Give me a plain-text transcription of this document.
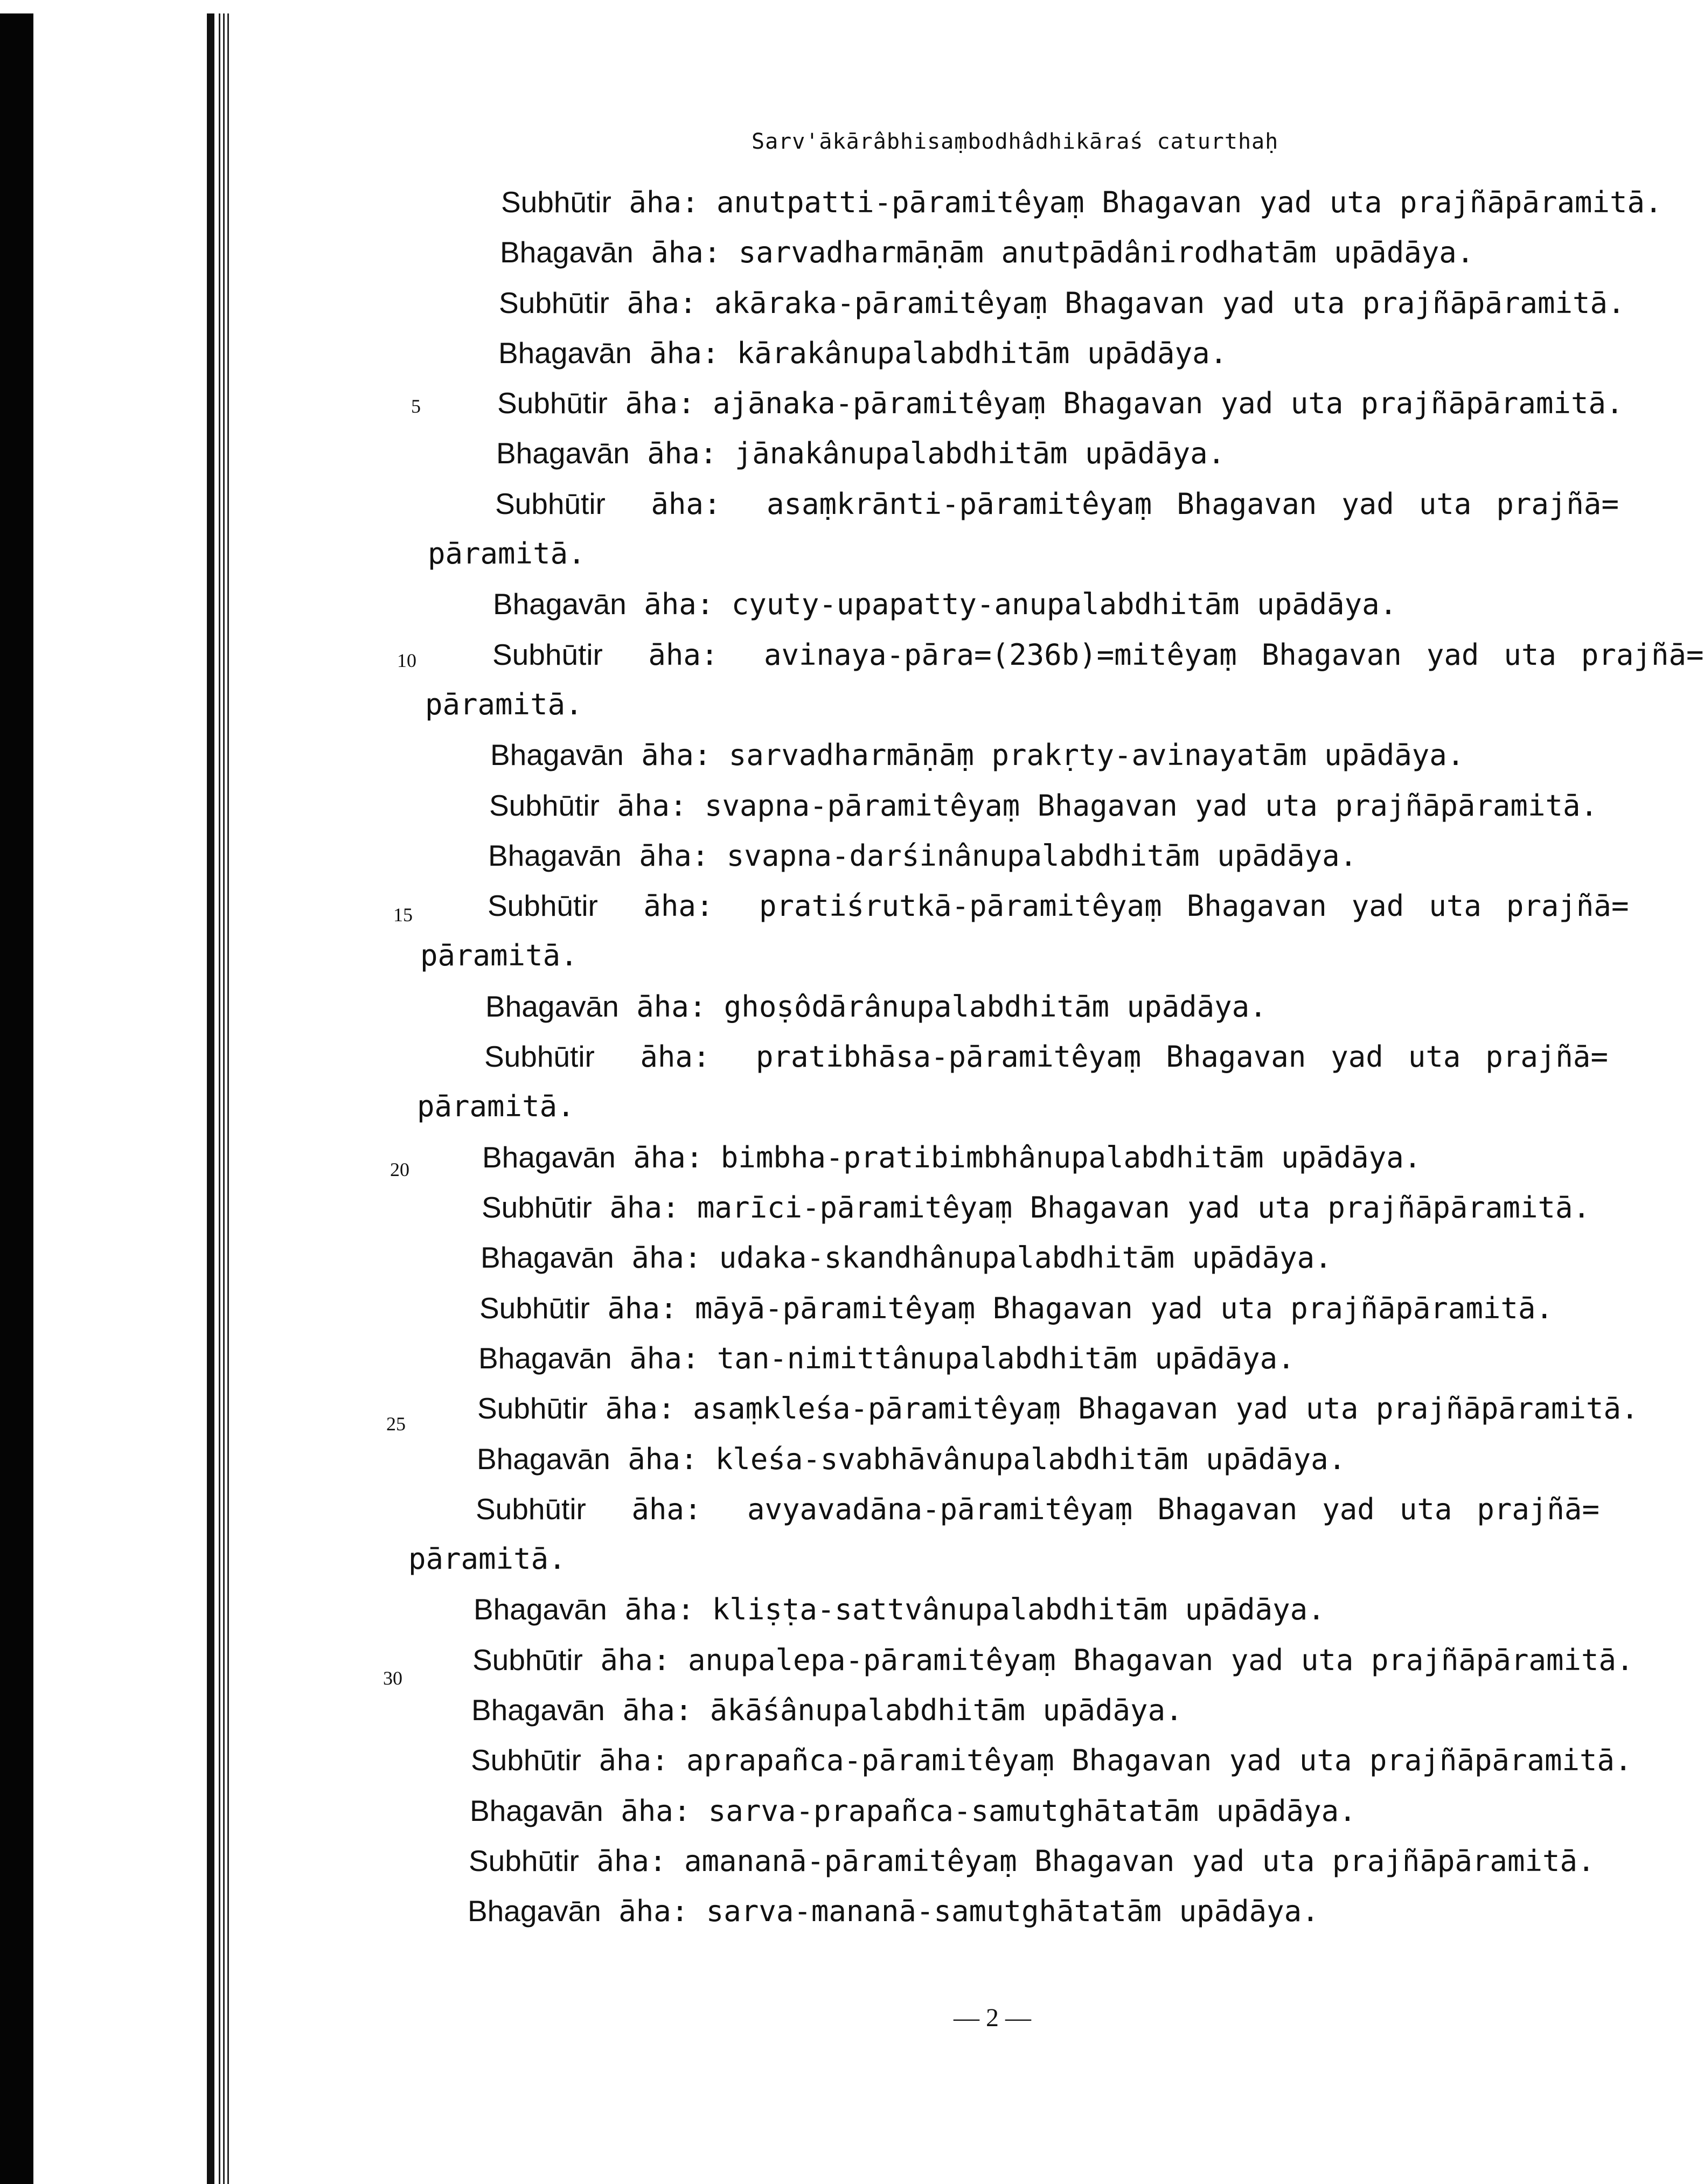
Sarv'ākārâbhisaṃbodhâdhikāraś caturthaḥ
Subhūtir āha: anutpatti-pāramitêyaṃ Bhagavan yad uta prajñāpāramitā.
Bhagavān āha: sarvadharmāṇām anutpādânirodhatām upādāya.
Subhūtir āha: akāraka-pāramitêyaṃ Bhagavan yad uta prajñāpāramitā.
Bhagavān āha: kārakânupalabdhitām upādāya.
Subhūtir āha: ajānaka-pāramitêyaṃ Bhagavan yad uta prajñāpāramitā.
Bhagavān āha: jānakânupalabdhitām upādāya.
Subhūtir āha: asaṃkrānti-pāramitêyaṃ Bhagavan yad uta prajñā=
pāramitā.
Bhagavān āha: cyuty-upapatty-anupalabdhitām upādāya.
Subhūtir āha: avinaya-pāra=(236b)=mitêyaṃ Bhagavan yad uta prajñā=
pāramitā.
Bhagavān āha: sarvadharmāṇāṃ prakṛty-avinayatām upādāya.
Subhūtir āha: svapna-pāramitêyaṃ Bhagavan yad uta prajñāpāramitā.
Bhagavān āha: svapna-darśinânupalabdhitām upādāya.
Subhūtir āha: pratiśrutkā-pāramitêyaṃ Bhagavan yad uta prajñā=
pāramitā.
Bhagavān āha: ghoṣôdārânupalabdhitām upādāya.
Subhūtir āha: pratibhāsa-pāramitêyaṃ Bhagavan yad uta prajñā=
pāramitā.
Bhagavān āha: bimbha-pratibimbhânupalabdhitām upādāya.
Subhūtir āha: marīci-pāramitêyaṃ Bhagavan yad uta prajñāpāramitā.
Bhagavān āha: udaka-skandhânupalabdhitām upādāya.
Subhūtir āha: māyā-pāramitêyaṃ Bhagavan yad uta prajñāpāramitā.
Bhagavān āha: tan-nimittânupalabdhitām upādāya.
Subhūtir āha: asaṃkleśa-pāramitêyaṃ Bhagavan yad uta prajñāpāramitā.
Bhagavān āha: kleśa-svabhāvânupalabdhitām upādāya.
Subhūtir āha: avyavadāna-pāramitêyaṃ Bhagavan yad uta prajñā=
pāramitā.
Bhagavān āha: kliṣṭa-sattvânupalabdhitām upādāya.
Subhūtir āha: anupalepa-pāramitêyaṃ Bhagavan yad uta prajñāpāramitā.
Bhagavān āha: ākāśânupalabdhitām upādāya.
Subhūtir āha: aprapañca-pāramitêyaṃ Bhagavan yad uta prajñāpāramitā.
Bhagavān āha: sarva-prapañca-samutghātatām upādāya.
Subhūtir āha: amananā-pāramitêyaṃ Bhagavan yad uta prajñāpāramitā.
Bhagavān āha: sarva-mananā-samutghātatām upādāya.
5
10
15
20
25
30
— 2 —
